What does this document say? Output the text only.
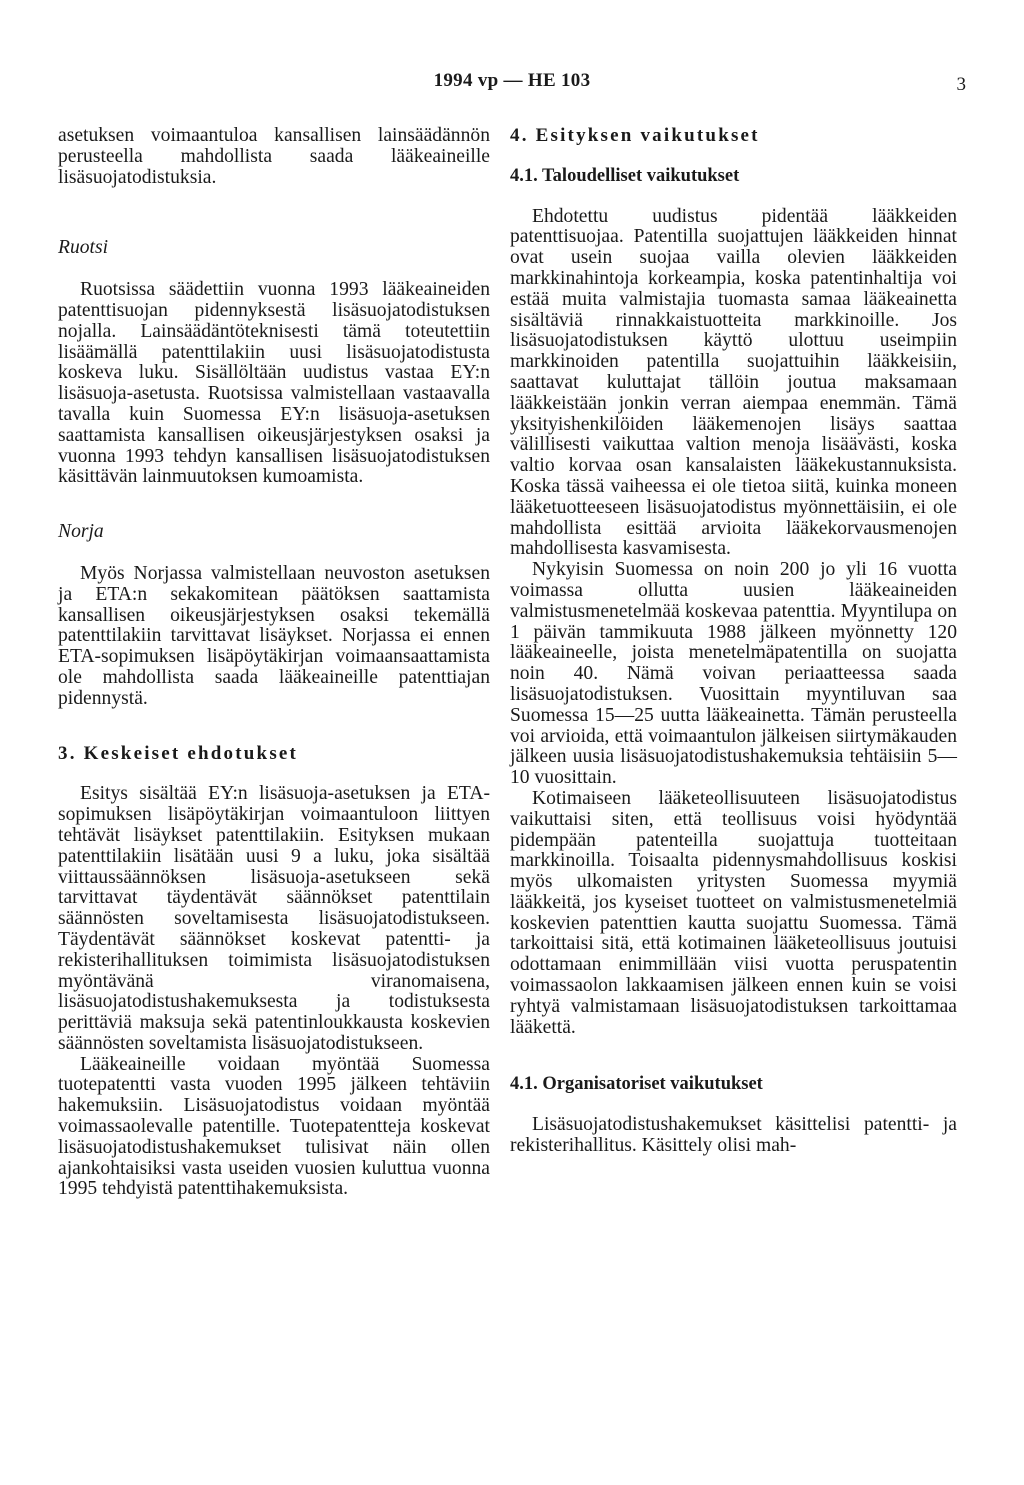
1994 vp — HE 103	3

asetuksen voimaantuloa kansallisen lainsäädännön perusteella mahdollista saada lääkeaineille lisäsuojatodistuksia.

Ruotsi

Ruotsissa säädettiin vuonna 1993 lääkeaineiden patenttisuojan pidennyksestä lisäsuojatodistuksen nojalla. Lainsäädäntöteknisesti tämä toteutettiin lisäämällä patenttilakiin uusi lisäsuojatodistusta koskeva luku. Sisällöltään uudistus vastaa EY:n lisäsuoja-asetusta. Ruotsissa valmistellaan vastaavalla tavalla kuin Suomessa EY:n lisäsuoja-asetuksen saattamista kansallisen oikeusjärjestyksen osaksi ja vuonna 1993 tehdyn kansallisen lisäsuojatodistuksen käsittävän lainmuutoksen kumoamista.

Norja

Myös Norjassa valmistellaan neuvoston asetuksen ja ETA:n sekakomitean päätöksen saattamista kansallisen oikeusjärjestyksen osaksi tekemällä patenttilakiin tarvittavat lisäykset. Norjassa ei ennen ETA-sopimuksen lisäpöytäkirjan voimaansaattamista ole mahdollista saada lääkeaineille patenttiajan pidennystä.

3. Keskeiset ehdotukset

Esitys sisältää EY:n lisäsuoja-asetuksen ja ETA-sopimuksen lisäpöytäkirjan voimaantuloon liittyen tehtävät lisäykset patenttilakiin. Esityksen mukaan patenttilakiin lisätään uusi 9 a luku, joka sisältää viittaussäännöksen lisäsuoja-asetukseen sekä tarvittavat täydentävät säännökset patenttilain säännösten soveltamisesta lisäsuojatodistukseen. Täydentävät säännökset koskevat patentti- ja rekisterihallituksen toimimista lisäsuojatodistuksen myöntävänä viranomaisena, lisäsuojatodistushakemuksesta ja todistuksesta perittäviä maksuja sekä patentinloukkausta koskevien säännösten soveltamista lisäsuojatodistukseen.

Lääkeaineille voidaan myöntää Suomessa tuotepatentti vasta vuoden 1995 jälkeen tehtäviin hakemuksiin. Lisäsuojatodistus voidaan myöntää voimassaolevalle patentille. Tuotepatentteja koskevat lisäsuojatodistushakemukset tulisivat näin ollen ajankohtaisiksi vasta useiden vuosien kuluttua vuonna 1995 tehdyistä patenttihakemuksista.

4. Esityksen vaikutukset

4.1. Taloudelliset vaikutukset

Ehdotettu uudistus pidentää lääkkeiden patenttisuojaa. Patentilla suojattujen lääkkeiden hinnat ovat usein suojaa vailla olevien lääkkeiden markkinahintoja korkeampia, koska patentinhaltija voi estää muita valmistajia tuomasta samaa lääkeainetta sisältäviä rinnakkaistuotteita markkinoille. Jos lisäsuojatodistuksen käyttö ulottuu useimpiin markkinoiden patentilla suojattuihin lääkkeisiin, saattavat kuluttajat tällöin joutua maksamaan lääkkeistään jonkin verran aiempaa enemmän. Tämä yksityishenkilöiden lääkemenojen lisäys saattaa välillisesti vaikuttaa valtion menoja lisäävästi, koska valtio korvaa osan kansalaisten lääkekustannuksista. Koska tässä vaiheessa ei ole tietoa siitä, kuinka moneen lääketuotteeseen lisäsuojatodistus myönnettäisiin, ei ole mahdollista esittää arvioita lääkekorvausmenojen mahdollisesta kasvamisesta.

Nykyisin Suomessa on noin 200 jo yli 16 vuotta voimassa ollutta uusien lääkeaineiden valmistusmenetelmää koskevaa patenttia. Myyntilupa on 1 päivän tammikuuta 1988 jälkeen myönnetty 120 lääkeaineelle, joista menetelmäpatentilla on suojatta noin 40. Nämä voivan periaatteessa saada lisäsuojatodistuksen. Vuosittain myyntiluvan saa Suomessa 15—25 uutta lääkeainetta. Tämän perusteella voi arvioida, että voimaantulon jälkeisen siirtymäkauden jälkeen uusia lisäsuojatodistushakemuksia tehtäisiin 5—10 vuosittain.

Kotimaiseen lääketeollisuuteen lisäsuojatodistus vaikuttaisi siten, että teollisuus voisi hyödyntää pidempään patenteilla suojattuja tuotteitaan markkinoilla. Toisaalta pidennysmahdollisuus koskisi myös ulkomaisten yritysten Suomessa myymiä lääkkeitä, jos kyseiset tuotteet on valmistusmenetelmiä koskevien patenttien kautta suojattu Suomessa. Tämä tarkoittaisi sitä, että kotimainen lääketeollisuus joutuisi odottamaan enimmillään viisi vuotta peruspatentin voimassaolon lakkaamisen jälkeen ennen kuin se voisi ryhtyä valmistamaan lisäsuojatodistuksen tarkoittamaa lääkettä.

4.1. Organisatoriset vaikutukset

Lisäsuojatodistushakemukset käsittelisi patentti- ja rekisterihallitus. Käsittely olisi mah-
